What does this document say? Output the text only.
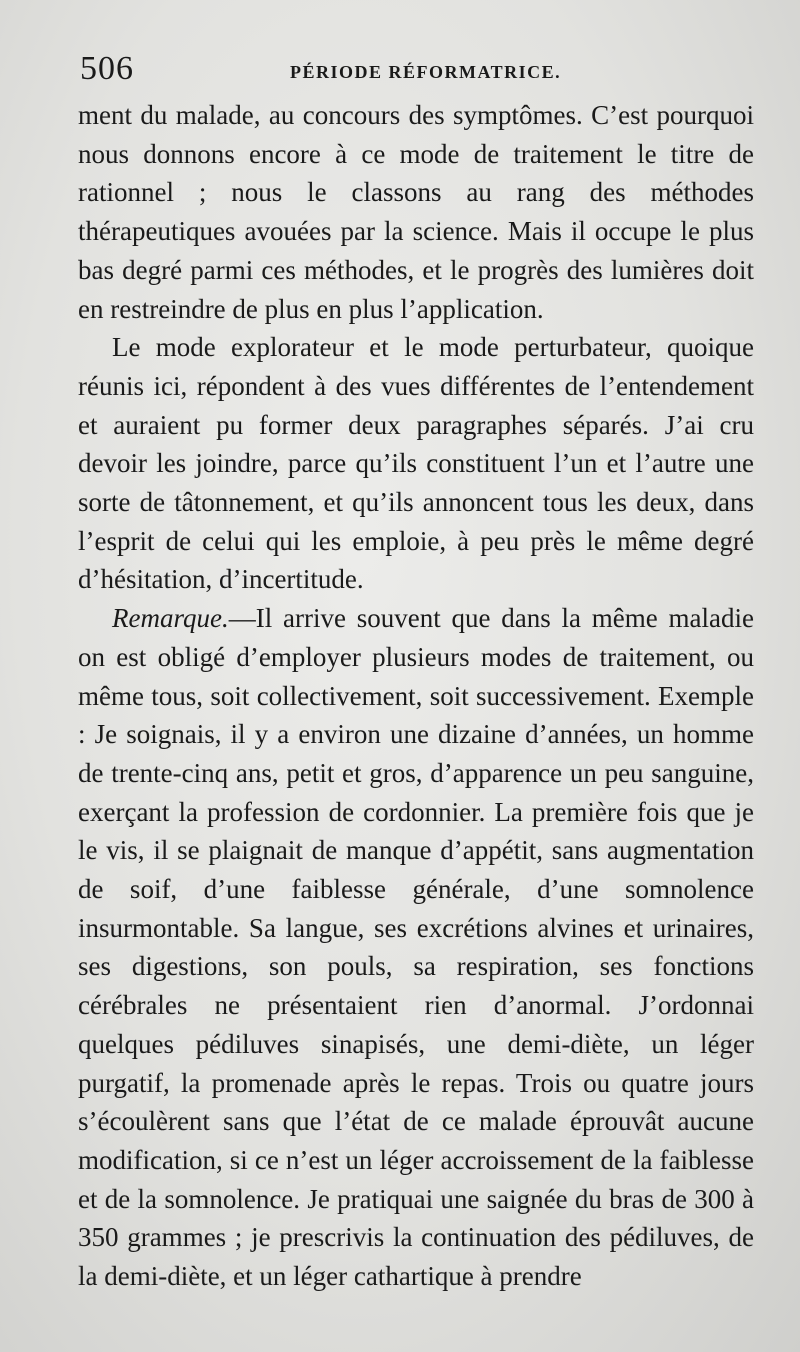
506	PÉRIODE RÉFORMATRICE.

ment du malade, au concours des symptômes. C’est pourquoi nous donnons encore à ce mode de traitement le titre de rationnel ; nous le classons au rang des méthodes thérapeutiques avouées par la science. Mais il occupe le plus bas degré parmi ces méthodes, et le progrès des lumières doit en restreindre de plus en plus l’application.

Le mode explorateur et le mode perturbateur, quoique réunis ici, répondent à des vues différentes de l’entendement et auraient pu former deux paragraphes séparés. J’ai cru devoir les joindre, parce qu’ils constituent l’un et l’autre une sorte de tâtonnement, et qu’ils annoncent tous les deux, dans l’esprit de celui qui les emploie, à peu près le même degré d’hésitation, d’incertitude.

Remarque.—Il arrive souvent que dans la même maladie on est obligé d’employer plusieurs modes de traitement, ou même tous, soit collectivement, soit successivement. Exemple : Je soignais, il y a environ une dizaine d’années, un homme de trente-cinq ans, petit et gros, d’apparence un peu sanguine, exerçant la profession de cordonnier. La première fois que je le vis, il se plaignait de manque d’appétit, sans augmentation de soif, d’une faiblesse générale, d’une somnolence insurmontable. Sa langue, ses excrétions alvines et urinaires, ses digestions, son pouls, sa respiration, ses fonctions cérébrales ne présentaient rien d’anormal. J’ordonnai quelques pédiluves sinapisés, une demi-diète, un léger purgatif, la promenade après le repas. Trois ou quatre jours s’écoulèrent sans que l’état de ce malade éprouvât aucune modification, si ce n’est un léger accroissement de la faiblesse et de la somnolence. Je pratiquai une saignée du bras de 300 à 350 grammes ; je prescrivis la continuation des pédiluves, de la demi-diète, et un léger cathartique à prendre
